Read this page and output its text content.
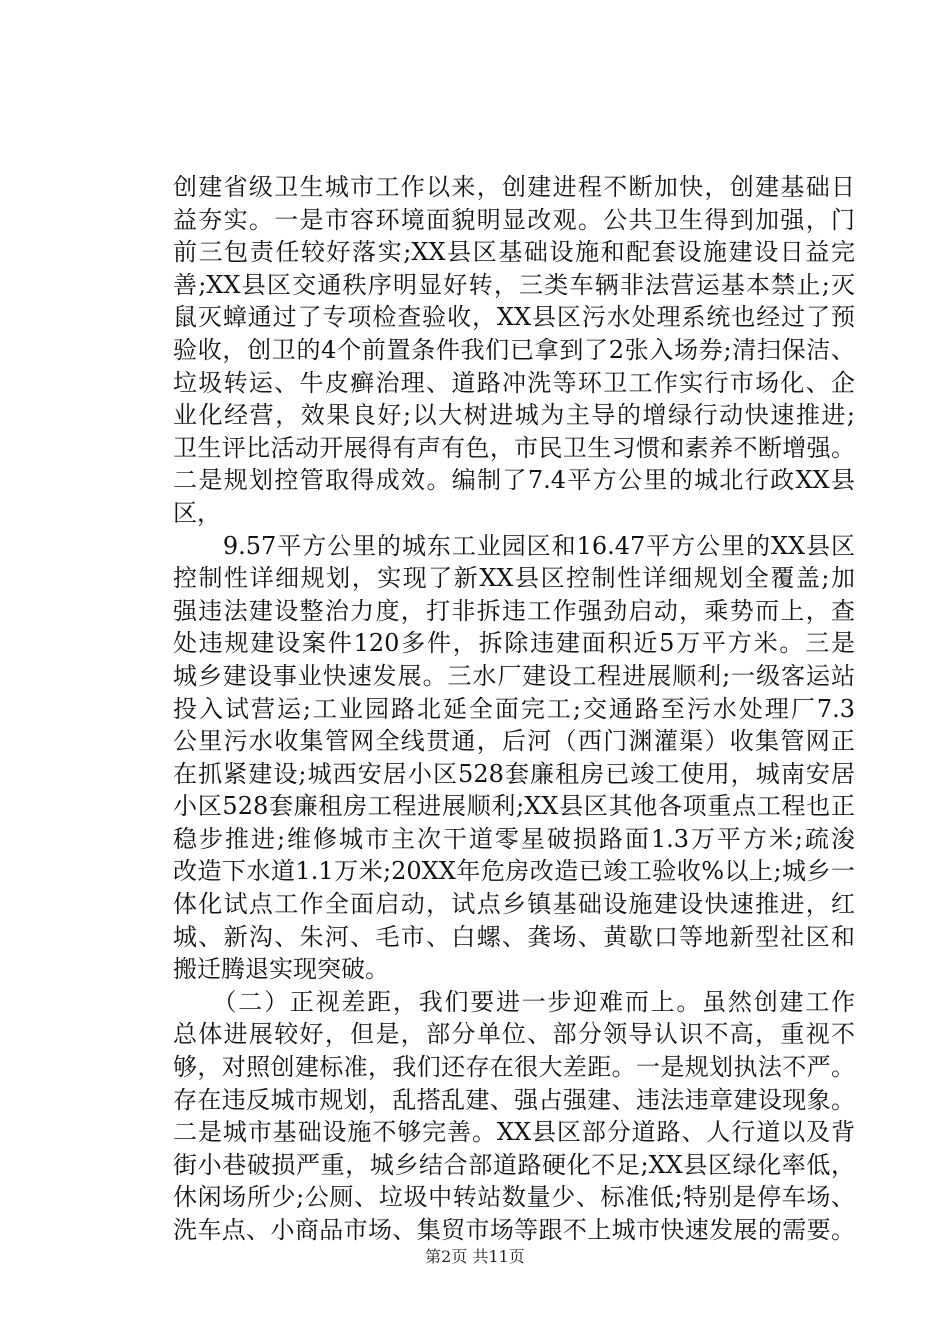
创建省级卫生城市工作以来，创建进程不断加快，创建基础日
益夯实。一是市容环境面貌明显改观。公共卫生得到加强，门
前三包责任较好落实;XX县区基础设施和配套设施建设日益完
善;XX县区交通秩序明显好转，三类车辆非法营运基本禁止;灭
鼠灭蟑通过了专项检查验收，XX县区污水处理系统也经过了预
验收，创卫的4个前置条件我们已拿到了2张入场券;清扫保洁、
垃圾转运、牛皮癣治理、道路冲洗等环卫工作实行市场化、企
业化经营，效果良好;以大树进城为主导的增绿行动快速推进;
卫生评比活动开展得有声有色，市民卫生习惯和素养不断增强。
二是规划控管取得成效。编制了7.4平方公里的城北行政XX县
区，
　　9.57平方公里的城东工业园区和16.47平方公里的XX县区
控制性详细规划，实现了新XX县区控制性详细规划全覆盖;加
强违法建设整治力度，打非拆违工作强劲启动，乘势而上，查
处违规建设案件120多件，拆除违建面积近5万平方米。三是
城乡建设事业快速发展。三水厂建设工程进展顺利;一级客运站
投入试营运;工业园路北延全面完工;交通路至污水处理厂7.3
公里污水收集管网全线贯通，后河（西门渊灌渠）收集管网正
在抓紧建设;城西安居小区528套廉租房已竣工使用，城南安居
小区528套廉租房工程进展顺利;XX县区其他各项重点工程也正
稳步推进;维修城市主次干道零星破损路面1.3万平方米;疏浚
改造下水道1.1万米;20XX年危房改造已竣工验收%以上;城乡一
体化试点工作全面启动，试点乡镇基础设施建设快速推进，红
城、新沟、朱河、毛市、白螺、龚场、黄歇口等地新型社区和
搬迁腾退实现突破。
　　（二）正视差距，我们要进一步迎难而上。虽然创建工作
总体进展较好，但是，部分单位、部分领导认识不高，重视不
够，对照创建标准，我们还存在很大差距。一是规划执法不严。
存在违反城市规划，乱搭乱建、强占强建、违法违章建设现象。
二是城市基础设施不够完善。XX县区部分道路、人行道以及背
街小巷破损严重，城乡结合部道路硬化不足;XX县区绿化率低，
休闲场所少;公厕、垃圾中转站数量少、标准低;特别是停车场、
洗车点、小商品市场、集贸市场等跟不上城市快速发展的需要。
第2页 共11页
